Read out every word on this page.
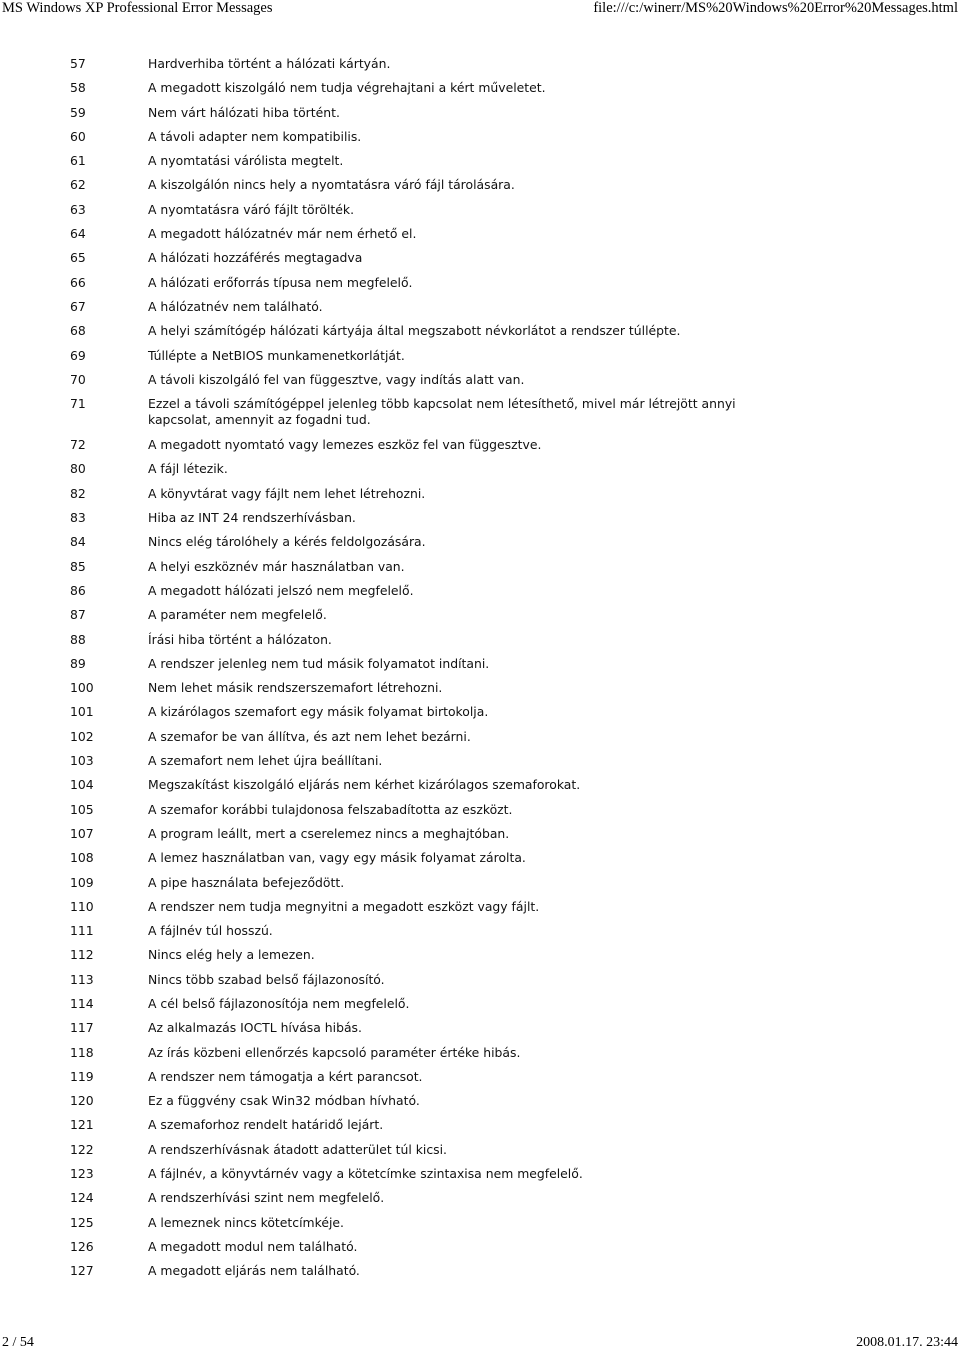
MS Windows XP Professional Error Messages	file:///c:/winerr/MS%20Windows%20Error%20Messages.html
57	Hardverhiba történt a hálózati kártyán.
58	A megadott kiszolgáló nem tudja végrehajtani a kért műveletet.
59	Nem várt hálózati hiba történt.
60	A távoli adapter nem kompatibilis.
61	A nyomtatási várólista megtelt.
62	A kiszolgálón nincs hely a nyomtatásra váró fájl tárolására.
63	A nyomtatásra váró fájlt törölték.
64	A megadott hálózatnév már nem érhető el.
65	A hálózati hozzáférés megtagadva
66	A hálózati erőforrás típusa nem megfelelő.
67	A hálózatnév nem található.
68	A helyi számítógép hálózati kártyája által megszabott névkorlátot a rendszer túllépte.
69	Túllépte a NetBIOS munkamenetkorlátját.
70	A távoli kiszolgáló fel van függesztve, vagy indítás alatt van.
71	Ezzel a távoli számítógéppel jelenleg több kapcsolat nem létesíthető, mivel már létrejött annyi kapcsolat, amennyit az fogadni tud.
72	A megadott nyomtató vagy lemezes eszköz fel van függesztve.
80	A fájl létezik.
82	A könyvtárat vagy fájlt nem lehet létrehozni.
83	Hiba az INT 24 rendszerhívásban.
84	Nincs elég tárolóhely a kérés feldolgozására.
85	A helyi eszköznév már használatban van.
86	A megadott hálózati jelszó nem megfelelő.
87	A paraméter nem megfelelő.
88	Írási hiba történt a hálózaton.
89	A rendszer jelenleg nem tud másik folyamatot indítani.
100	Nem lehet másik rendszerszemafort létrehozni.
101	A kizárólagos szemafort egy másik folyamat birtokolja.
102	A szemafor be van állítva, és azt nem lehet bezárni.
103	A szemafort nem lehet újra beállítani.
104	Megszakítást kiszolgáló eljárás nem kérhet kizárólagos szemaforokat.
105	A szemafor korábbi tulajdonosa felszabadította az eszközt.
107	A program leállt, mert a cserelemez nincs a meghajtóban.
108	A lemez használatban van, vagy egy másik folyamat zárolta.
109	A pipe használata befejeződött.
110	A rendszer nem tudja megnyitni a megadott eszközt vagy fájlt.
111	A fájlnév túl hosszú.
112	Nincs elég hely a lemezen.
113	Nincs több szabad belső fájlazonosító.
114	A cél belső fájlazonosítója nem megfelelő.
117	Az alkalmazás IOCTL hívása hibás.
118	Az írás közbeni ellenőrzés kapcsoló paraméter értéke hibás.
119	A rendszer nem támogatja a kért parancsot.
120	Ez a függvény csak Win32 módban hívható.
121	A szemaforhoz rendelt határidő lejárt.
122	A rendszerhívásnak átadott adatterület túl kicsi.
123	A fájlnév, a könyvtárnév vagy a kötetcímke szintaxisa nem megfelelő.
124	A rendszerhívási szint nem megfelelő.
125	A lemeznek nincs kötetcímkéje.
126	A megadott modul nem található.
127	A megadott eljárás nem található.
2 / 54	2008.01.17. 23:44
